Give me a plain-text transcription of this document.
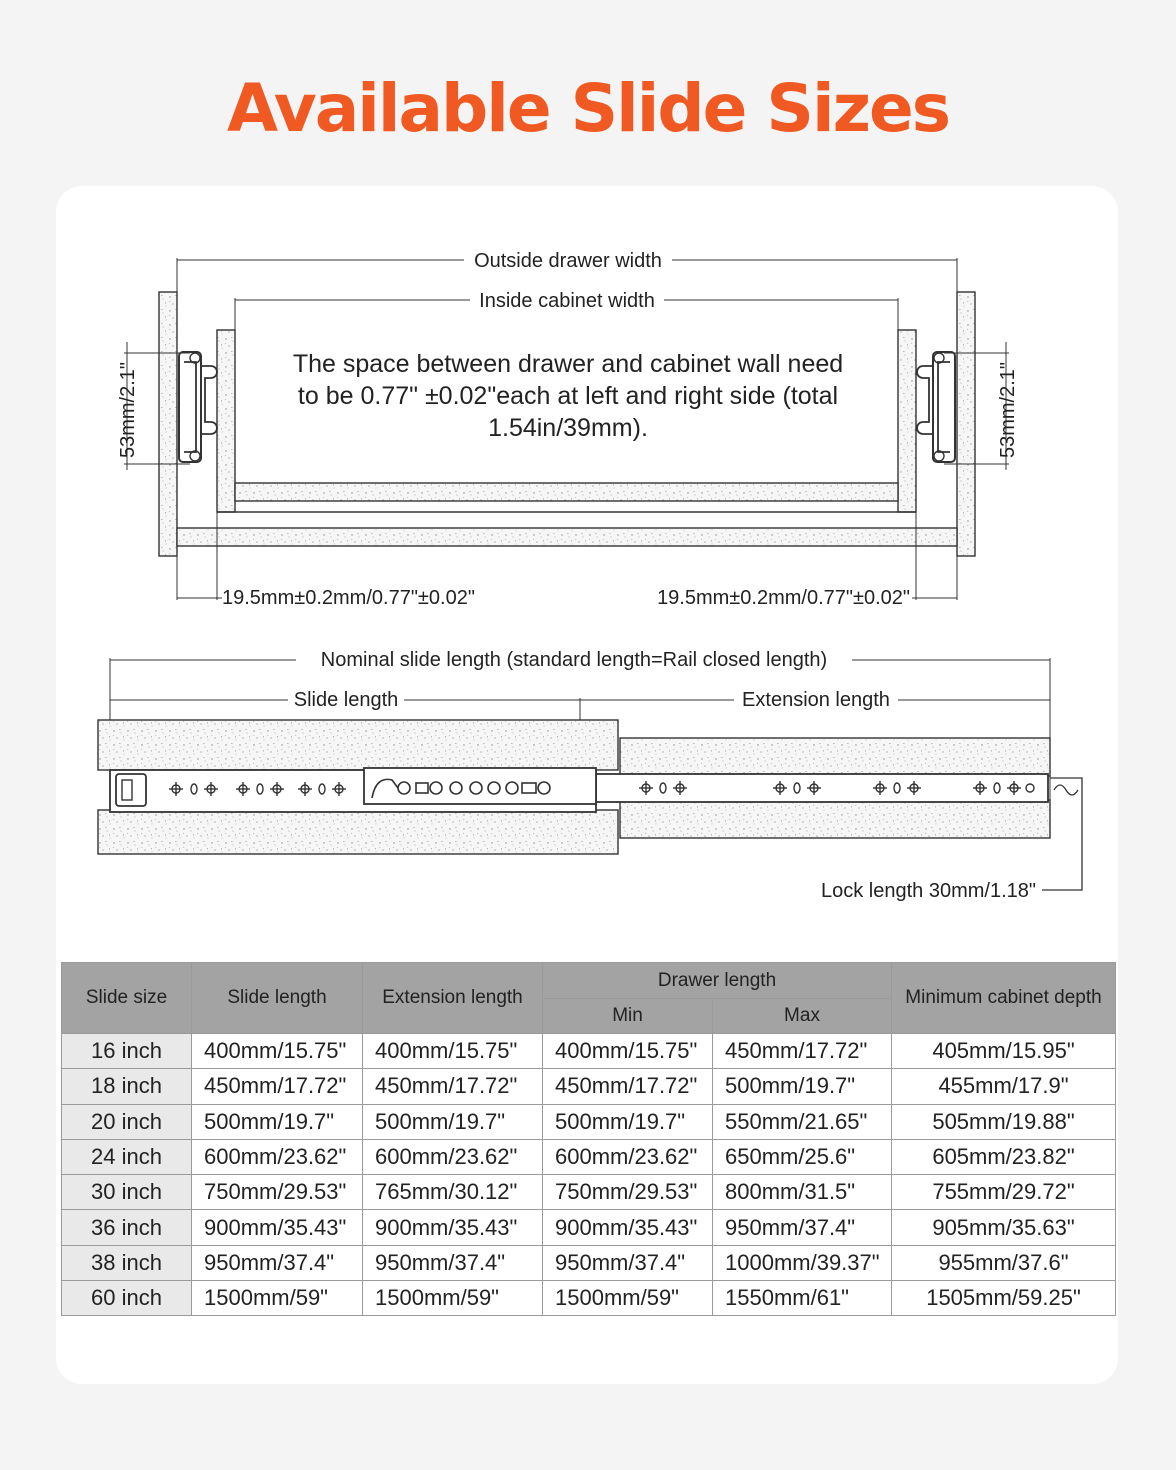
Available Slide Sizes
Outside drawer width
Inside cabinet width
53mm/2.1"	53mm/2.1"
19.5mm±0.2mm/0.77"±0.02"	19.5mm±0.2mm/0.77"±0.02"
Nominal slide length (standard length=Rail closed length)
Slide length	Extension length
Lock length 30mm/1.18"
The space between drawer and cabinet wall need to be 0.77" ±0.02"each at left and right side (total 1.54in/39mm).
Slide size	Slide length	Extension length	Drawer length		Minimum cabinet depth
			Min	Max	
16 inch	400mm/15.75"	400mm/15.75"	400mm/15.75"	450mm/17.72"	405mm/15.95"
18 inch	450mm/17.72"	450mm/17.72"	450mm/17.72"	500mm/19.7"	455mm/17.9"
20 inch	500mm/19.7"	500mm/19.7"	500mm/19.7"	550mm/21.65"	505mm/19.88"
24 inch	600mm/23.62"	600mm/23.62"	600mm/23.62"	650mm/25.6"	605mm/23.82"
30 inch	750mm/29.53"	765mm/30.12"	750mm/29.53"	800mm/31.5"	755mm/29.72"
36 inch	900mm/35.43"	900mm/35.43"	900mm/35.43"	950mm/37.4"	905mm/35.63"
38 inch	950mm/37.4"	950mm/37.4"	950mm/37.4"	1000mm/39.37"	955mm/37.6"
60 inch	1500mm/59"	1500mm/59"	1500mm/59"	1550mm/61"	1505mm/59.25"
